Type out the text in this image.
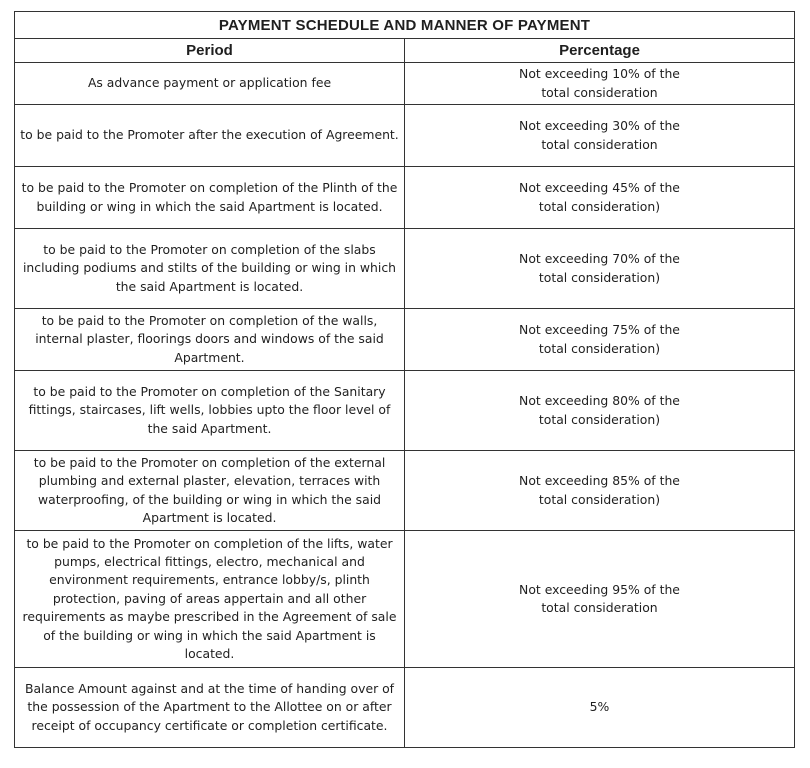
PAYMENT SCHEDULE AND MANNER OF PAYMENT	
Period	Percentage

As advance payment or application fee	Not exceeding 10% of the total consideration

to be paid to the Promoter after the execution of Agreement.	Not exceeding 30% of the total consideration

to be paid to the Promoter on completion of the Plinth of the building or wing in which the said Apartment is located.	Not exceeding 45% of the total consideration)

to be paid to the Promoter on completion of the slabs including podiums and stilts of the building or wing in which the said Apartment is located.	Not exceeding 70% of the total consideration)

to be paid to the Promoter on completion of the walls, internal plaster, floorings doors and windows of the said Apartment.	Not exceeding 75% of the total consideration)

to be paid to the Promoter on completion of the Sanitary fittings, staircases, lift wells, lobbies upto the floor level of the said Apartment.	Not exceeding 80% of the total consideration)

to be paid to the Promoter on completion of the external plumbing and external plaster, elevation, terraces with waterproofing, of the building or wing in which the said Apartment is located.	Not exceeding 85% of the total consideration)

to be paid to the Promoter on completion of the lifts, water pumps, electrical fittings, electro, mechanical and environment requirements, entrance lobby/s, plinth protection, paving of areas appertain and all other requirements as maybe prescribed in the Agreement of sale of the building or wing in which the said Apartment is located.	Not exceeding 95% of the total consideration

Balance Amount against and at the time of handing over of the possession of the Apartment to the Allottee on or after receipt of occupancy certificate or completion certificate.	5%
